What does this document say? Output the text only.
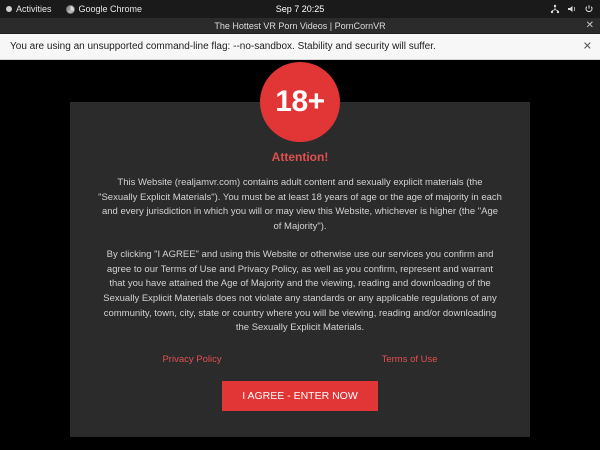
Activities	Google Chrome	Sep 7 20:25
The Hottest VR Porn Videos | PornCornVR	✕
You are using an unsupported command-line flag: --no-sandbox. Stability and security will suffer.	✕
18+
Attention!

This Website (realjamvr.com) contains adult content and sexually explicit materials (the "Sexually Explicit Materials"). You must be at least 18 years of age or the age of majority in each and every jurisdiction in which you will or may view this Website, whichever is higher (the "Age of Majority").

By clicking "I AGREE" and using this Website or otherwise use our services you confirm and agree to our Terms of Use and Privacy Policy, as well as you confirm, represent and warrant that you have attained the Age of Majority and the viewing, reading and downloading of the Sexually Explicit Materials does not violate any standards or any applicable regulations of any community, town, city, state or country where you will be viewing, reading and/or downloading the Sexually Explicit Materials.

Privacy Policy	Terms of Use
I AGREE - ENTER NOW
